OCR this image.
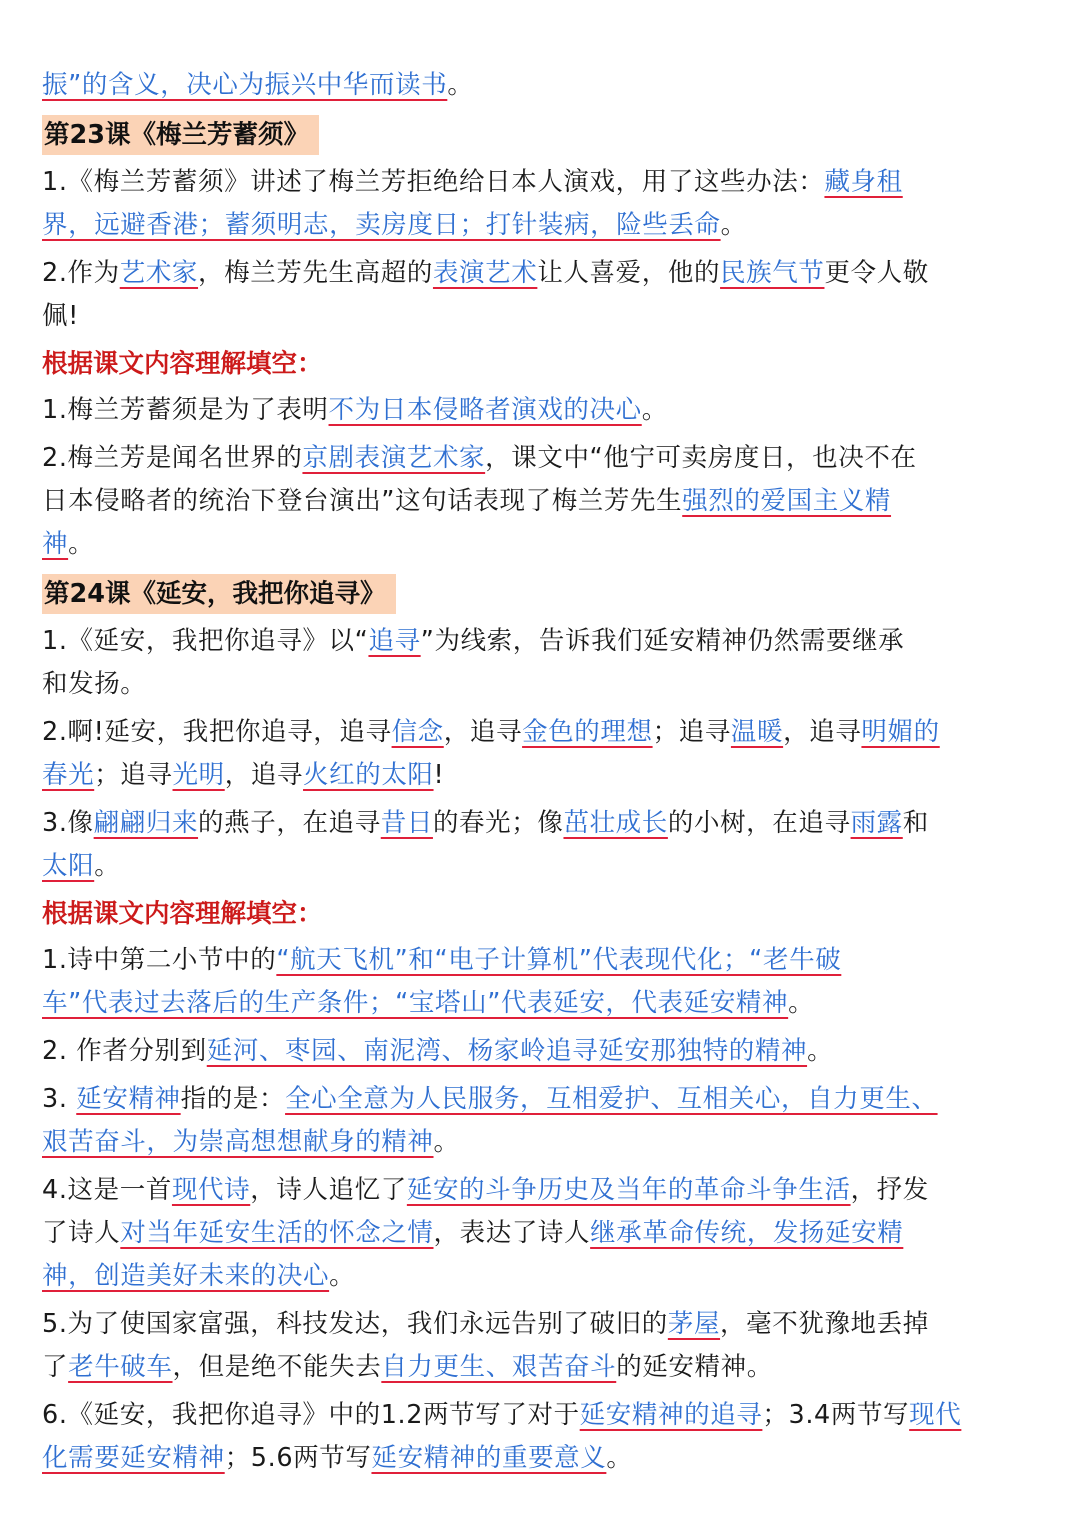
振”的含义，决心为振兴中华而读书。
第23课《梅兰芳蓄须》
1.《梅兰芳蓄须》讲述了梅兰芳拒绝给日本人演戏，用了这些办法：藏身租
界，远避香港；蓄须明志，卖房度日；打针装病，险些丢命。
2.作为艺术家，梅兰芳先生高超的表演艺术让人喜爱，他的民族气节更令人敬
佩!
根据课文内容理解填空：
1.梅兰芳蓄须是为了表明不为日本侵略者演戏的决心。
2.梅兰芳是闻名世界的京剧表演艺术家，课文中“他宁可卖房度日，也决不在
日本侵略者的统治下登台演出”这句话表现了梅兰芳先生强烈的爱国主义精
神。
第24课《延安，我把你追寻》
1.《延安，我把你追寻》以“追寻”为线索，告诉我们延安精神仍然需要继承
和发扬。
2.啊!延安，我把你追寻，追寻信念，追寻金色的理想；追寻温暖，追寻明媚的
春光；追寻光明，追寻火红的太阳!
3.像翩翩归来的燕子，在追寻昔日的春光；像茁壮成长的小树，在追寻雨露和
太阳。
根据课文内容理解填空：
1.诗中第二小节中的“航天飞机”和“电子计算机”代表现代化；“老牛破
车”代表过去落后的生产条件；“宝塔山”代表延安，代表延安精神。
2. 作者分别到延河、枣园、南泥湾、杨家岭追寻延安那独特的精神。
3. 延安精神指的是：全心全意为人民服务，互相爱护、互相关心，自力更生、
艰苦奋斗，为崇高想想献身的精神。
4.这是一首现代诗，诗人追忆了延安的斗争历史及当年的革命斗争生活，抒发
了诗人对当年延安生活的怀念之情，表达了诗人继承革命传统，发扬延安精
神，创造美好未来的决心。
5.为了使国家富强，科技发达，我们永远告别了破旧的茅屋，毫不犹豫地丢掉
了老牛破车，但是绝不能失去自力更生、艰苦奋斗的延安精神。
6.《延安，我把你追寻》中的1.2两节写了对于延安精神的追寻；3.4两节写现代
化需要延安精神；5.6两节写延安精神的重要意义。
